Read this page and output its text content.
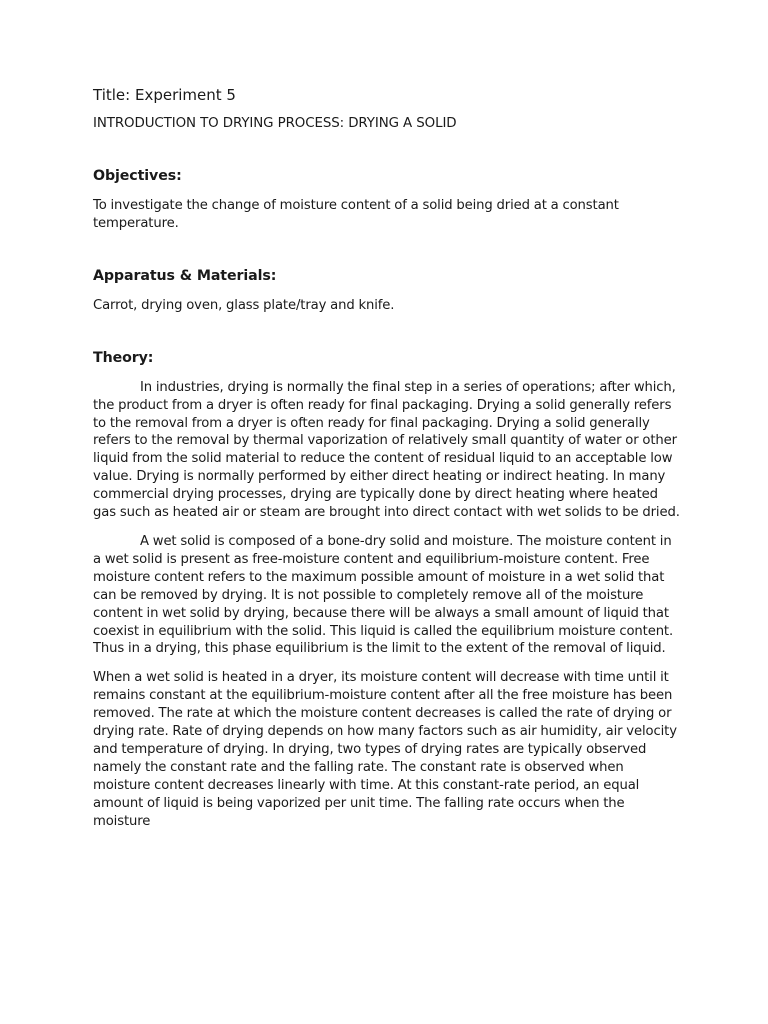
Title: Experiment 5
INTRODUCTION TO DRYING PROCESS: DRYING A SOLID
Objectives:
To investigate the change of moisture content of a solid being dried at a constant temperature.
Apparatus & Materials:
Carrot, drying oven, glass plate/tray and knife.
Theory:
In industries, drying is normally the final step in a series of operations; after which, the product from a dryer is often ready for final packaging. Drying a solid generally refers to the removal from a dryer is often ready for final packaging. Drying a solid generally refers to the removal by thermal vaporization of relatively small quantity of water or other liquid from the solid material to reduce the content of residual liquid to an acceptable low value. Drying is normally performed by either direct heating or indirect heating. In many commercial drying processes, drying are typically done by direct heating where heated gas such as heated air or steam are brought into direct contact with wet solids to be dried.
A wet solid is composed of a bone-dry solid and moisture. The moisture content in a wet solid is present as free-moisture content and equilibrium-moisture content. Free moisture content refers to the maximum possible amount of moisture in a wet solid that can be removed by drying. It is not possible to completely remove all of the moisture content in wet solid by drying, because there will be always a small amount of liquid that coexist in equilibrium with the solid. This liquid is called the equilibrium moisture content. Thus in a drying, this phase equilibrium is the limit to the extent of the removal of liquid.
When a wet solid is heated in a dryer, its moisture content will decrease with time until it remains constant at the equilibrium-moisture content after all the free moisture has been removed. The rate at which the moisture content decreases is called the rate of drying or drying rate. Rate of drying depends on how many factors such as air humidity, air velocity and temperature of drying. In drying, two types of drying rates are typically observed namely the constant rate and the falling rate. The constant rate is observed when moisture content decreases linearly with time. At this constant-rate period, an equal amount of liquid is being vaporized per unit time. The falling rate occurs when the moisture
